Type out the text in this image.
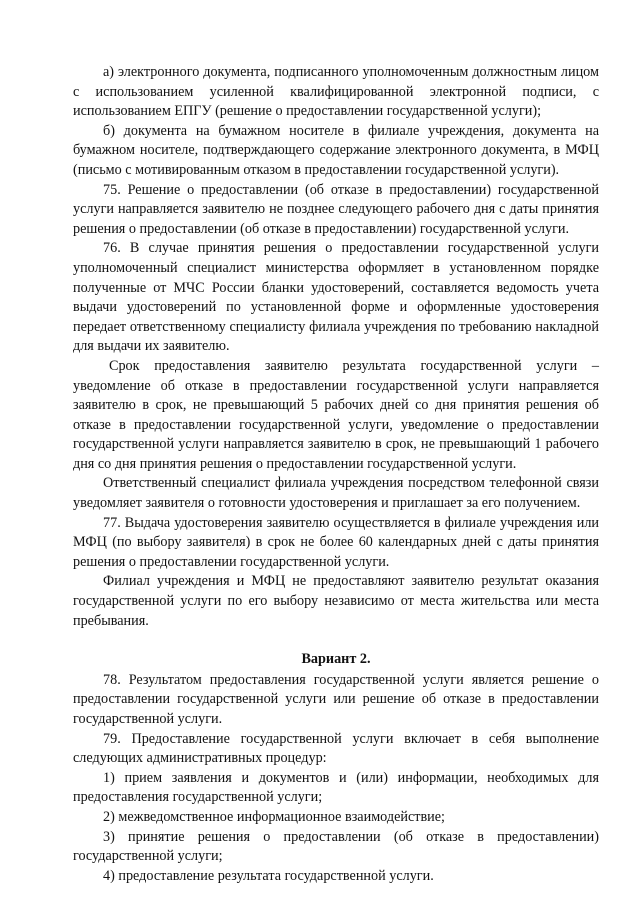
а) электронного документа, подписанного уполномоченным должностным лицом с использованием усиленной квалифицированной электронной подписи, с использованием ЕПГУ (решение о предоставлении государственной услуги);

б) документа на бумажном носителе в филиале учреждения, документа на бумажном носителе, подтверждающего содержание электронного документа, в МФЦ (письмо с мотивированным отказом в предоставлении государственной услуги).

75. Решение о предоставлении (об отказе в предоставлении) государственной услуги направляется заявителю не позднее следующего рабочего дня с даты принятия решения о предоставлении (об отказе в предоставлении) государственной услуги.

76. В случае принятия решения о предоставлении государственной услуги уполномоченный специалист министерства оформляет в установленном порядке полученные от МЧС России бланки удостоверений, составляется ведомость учета выдачи удостоверений по установленной форме и оформленные удостоверения передает ответственному специалисту филиала учреждения по требованию накладной для выдачи их заявителю.

Срок предоставления заявителю результата государственной услуги – уведомление об отказе в предоставлении государственной услуги направляется заявителю в срок, не превышающий 5 рабочих дней со дня принятия решения об отказе в предоставлении государственной услуги, уведомление о предоставлении государственной услуги направляется заявителю в срок, не превышающий 1 рабочего дня со дня принятия решения о предоставлении государственной услуги.

Ответственный специалист филиала учреждения посредством телефонной связи уведомляет заявителя о готовности удостоверения и приглашает за его получением.

77. Выдача удостоверения заявителю осуществляется в филиале учреждения или МФЦ (по выбору заявителя) в срок не более 60 календарных дней с даты принятия решения о предоставлении государственной услуги.

Филиал учреждения и МФЦ не предоставляют заявителю результат оказания государственной услуги по его выбору независимо от места жительства или места пребывания.

Вариант 2.

78. Результатом предоставления государственной услуги является решение о предоставлении государственной услуги или решение об отказе в предоставлении государственной услуги.

79. Предоставление государственной услуги включает в себя выполнение следующих административных процедур:

1) прием заявления и документов и (или) информации, необходимых для предоставления государственной услуги;

2) межведомственное информационное взаимодействие;

3) принятие решения о предоставлении (об отказе в предоставлении) государственной услуги;

4) предоставление результата государственной услуги.
